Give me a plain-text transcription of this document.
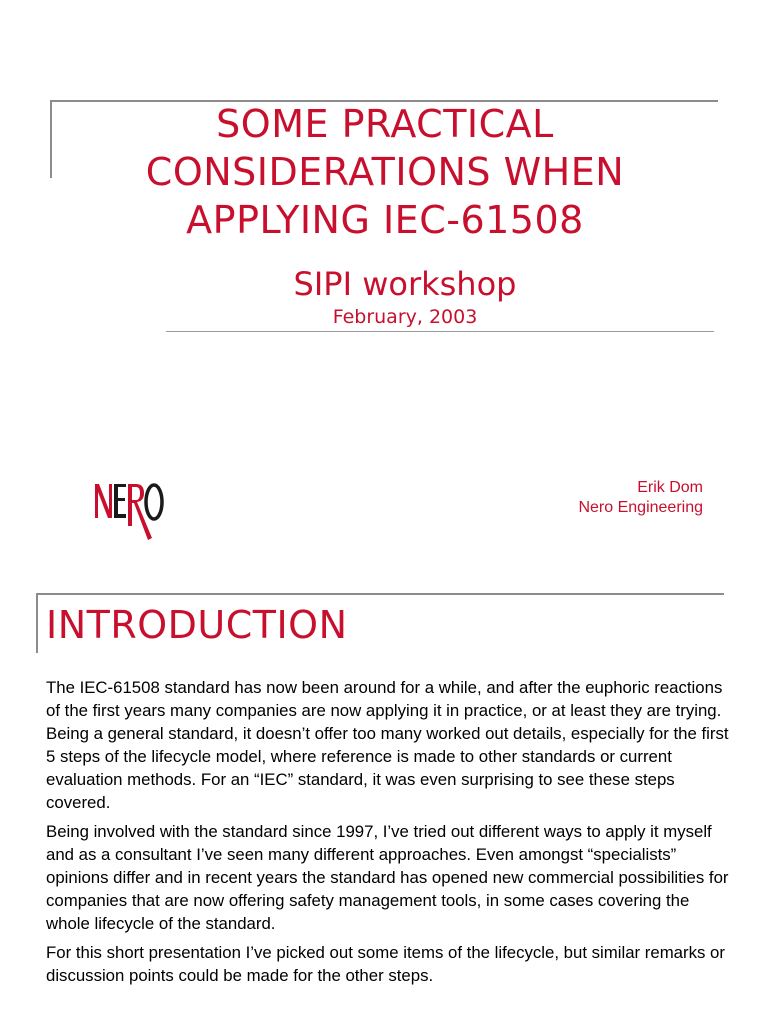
SOME PRACTICAL CONSIDERATIONS WHEN APPLYING IEC-61508
SIPI workshop
February, 2003
Erik Dom
Nero Engineering
INTRODUCTION

The IEC-61508 standard has now been around for a while, and after the euphoric reactions of the first years many companies are now applying it in practice, or at least they are trying. Being a general standard, it doesn’t offer too many worked out details, especially for the first 5 steps of the lifecycle model, where reference is made to other standards or current evaluation methods. For an “IEC” standard, it was even surprising to see these steps covered.

Being involved with the standard since 1997, I’ve tried out different ways to apply it myself and as a consultant I’ve seen many different approaches. Even amongst “specialists” opinions differ and in recent years the standard has opened new commercial possibilities for companies that are now offering safety management tools, in some cases covering the whole lifecycle of the standard.

For this short presentation I’ve picked out some items of the lifecycle, but similar remarks or discussion points could be made for the other steps.
